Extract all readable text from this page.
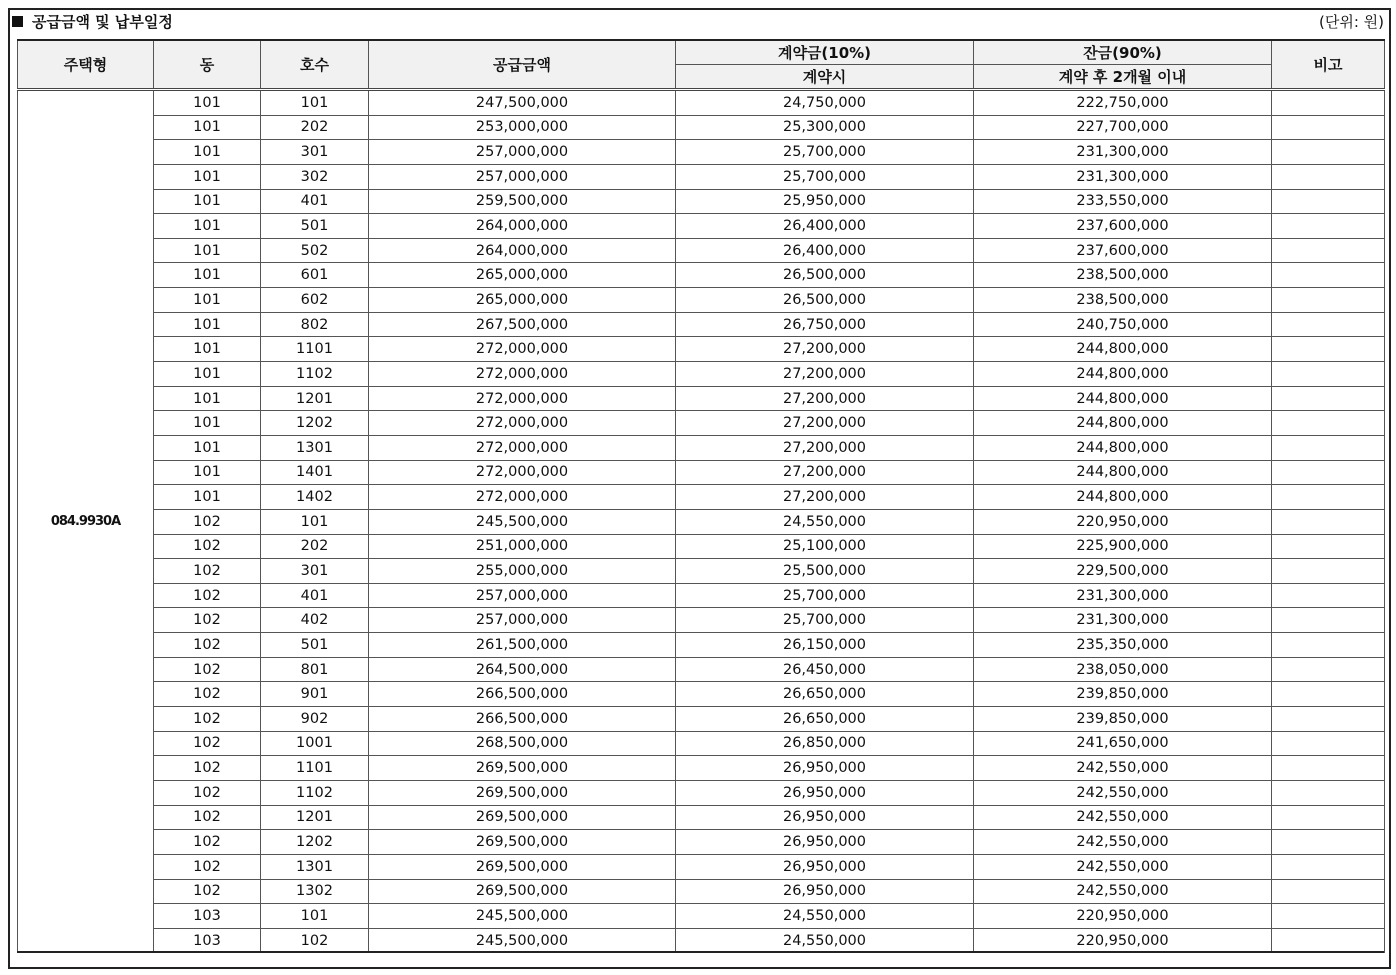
공급금액 및 납부일정	(단위: 원)
주택형	동	호수	공급금액	계약금(10%)	잔금(90%)	비고
				계약시	계약 후 2개월 이내	
084.9930A	101	101	247,500,000	24,750,000	222,750,000	
	101	202	253,000,000	25,300,000	227,700,000	
	101	301	257,000,000	25,700,000	231,300,000	
	101	302	257,000,000	25,700,000	231,300,000	
	101	401	259,500,000	25,950,000	233,550,000	
	101	501	264,000,000	26,400,000	237,600,000	
	101	502	264,000,000	26,400,000	237,600,000	
	101	601	265,000,000	26,500,000	238,500,000	
	101	602	265,000,000	26,500,000	238,500,000	
	101	802	267,500,000	26,750,000	240,750,000	
	101	1101	272,000,000	27,200,000	244,800,000	
	101	1102	272,000,000	27,200,000	244,800,000	
	101	1201	272,000,000	27,200,000	244,800,000	
	101	1202	272,000,000	27,200,000	244,800,000	
	101	1301	272,000,000	27,200,000	244,800,000	
	101	1401	272,000,000	27,200,000	244,800,000	
	101	1402	272,000,000	27,200,000	244,800,000	
	102	101	245,500,000	24,550,000	220,950,000	
	102	202	251,000,000	25,100,000	225,900,000	
	102	301	255,000,000	25,500,000	229,500,000	
	102	401	257,000,000	25,700,000	231,300,000	
	102	402	257,000,000	25,700,000	231,300,000	
	102	501	261,500,000	26,150,000	235,350,000	
	102	801	264,500,000	26,450,000	238,050,000	
	102	901	266,500,000	26,650,000	239,850,000	
	102	902	266,500,000	26,650,000	239,850,000	
	102	1001	268,500,000	26,850,000	241,650,000	
	102	1101	269,500,000	26,950,000	242,550,000	
	102	1102	269,500,000	26,950,000	242,550,000	
	102	1201	269,500,000	26,950,000	242,550,000	
	102	1202	269,500,000	26,950,000	242,550,000	
	102	1301	269,500,000	26,950,000	242,550,000	
	102	1302	269,500,000	26,950,000	242,550,000	
	103	101	245,500,000	24,550,000	220,950,000	
	103	102	245,500,000	24,550,000	220,950,000	
